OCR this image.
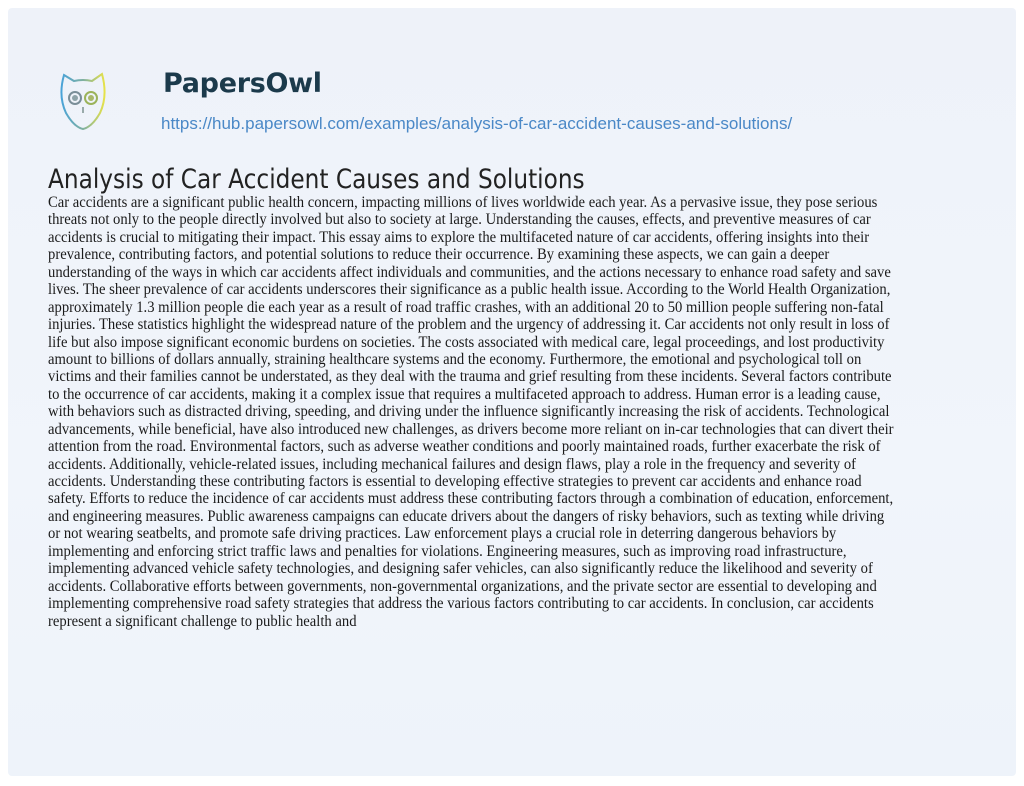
PapersOwl
https://hub.papersowl.com/examples/analysis-of-car-accident-causes-and-solutions/
Analysis of Car Accident Causes and Solutions
Car accidents are a significant public health concern, impacting millions of lives worldwide each year. As a pervasive issue, they pose serious
threats not only to the people directly involved but also to society at large. Understanding the causes, effects, and preventive measures of car
accidents is crucial to mitigating their impact. This essay aims to explore the multifaceted nature of car accidents, offering insights into their
prevalence, contributing factors, and potential solutions to reduce their occurrence. By examining these aspects, we can gain a deeper
understanding of the ways in which car accidents affect individuals and communities, and the actions necessary to enhance road safety and save
lives. The sheer prevalence of car accidents underscores their significance as a public health issue. According to the World Health Organization,
approximately 1.3 million people die each year as a result of road traffic crashes, with an additional 20 to 50 million people suffering non-fatal
injuries. These statistics highlight the widespread nature of the problem and the urgency of addressing it. Car accidents not only result in loss of
life but also impose significant economic burdens on societies. The costs associated with medical care, legal proceedings, and lost productivity
amount to billions of dollars annually, straining healthcare systems and the economy. Furthermore, the emotional and psychological toll on
victims and their families cannot be understated, as they deal with the trauma and grief resulting from these incidents. Several factors contribute
to the occurrence of car accidents, making it a complex issue that requires a multifaceted approach to address. Human error is a leading cause,
with behaviors such as distracted driving, speeding, and driving under the influence significantly increasing the risk of accidents. Technological
advancements, while beneficial, have also introduced new challenges, as drivers become more reliant on in-car technologies that can divert their
attention from the road. Environmental factors, such as adverse weather conditions and poorly maintained roads, further exacerbate the risk of
accidents. Additionally, vehicle-related issues, including mechanical failures and design flaws, play a role in the frequency and severity of
accidents. Understanding these contributing factors is essential to developing effective strategies to prevent car accidents and enhance road
safety. Efforts to reduce the incidence of car accidents must address these contributing factors through a combination of education, enforcement,
and engineering measures. Public awareness campaigns can educate drivers about the dangers of risky behaviors, such as texting while driving
or not wearing seatbelts, and promote safe driving practices. Law enforcement plays a crucial role in deterring dangerous behaviors by
implementing and enforcing strict traffic laws and penalties for violations. Engineering measures, such as improving road infrastructure,
implementing advanced vehicle safety technologies, and designing safer vehicles, can also significantly reduce the likelihood and severity of
accidents. Collaborative efforts between governments, non-governmental organizations, and the private sector are essential to developing and
implementing comprehensive road safety strategies that address the various factors contributing to car accidents. In conclusion, car accidents
represent a significant challenge to public health and
